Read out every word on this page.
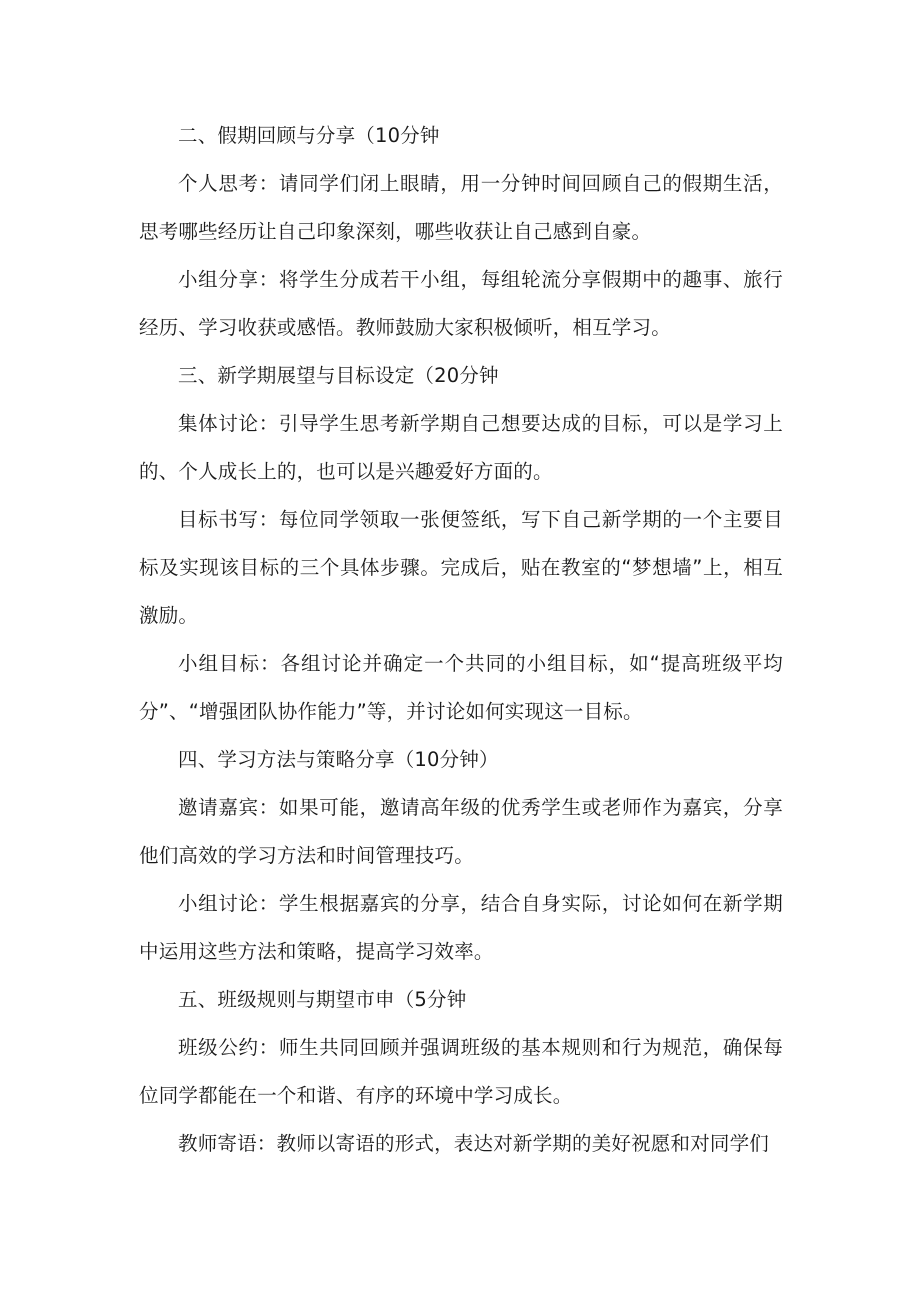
二、假期回顾与分享（10分钟

个人思考：请同学们闭上眼睛，用一分钟时间回顾自己的假期生活，思考哪些经历让自己印象深刻，哪些收获让自己感到自豪。

小组分享：将学生分成若干小组，每组轮流分享假期中的趣事、旅行经历、学习收获或感悟。教师鼓励大家积极倾听，相互学习。

三、新学期展望与目标设定（20分钟

集体讨论：引导学生思考新学期自己想要达成的目标，可以是学习上的、个人成长上的，也可以是兴趣爱好方面的。

目标书写：每位同学领取一张便签纸，写下自己新学期的一个主要目标及实现该目标的三个具体步骤。完成后，贴在教室的“梦想墙”上，相互激励。

小组目标：各组讨论并确定一个共同的小组目标，如“提高班级平均分”、“增强团队协作能力”等，并讨论如何实现这一目标。

四、学习方法与策略分享（10分钟）

邀请嘉宾：如果可能，邀请高年级的优秀学生或老师作为嘉宾，分享他们高效的学习方法和时间管理技巧。

小组讨论：学生根据嘉宾的分享，结合自身实际，讨论如何在新学期中运用这些方法和策略，提高学习效率。

五、班级规则与期望市申（5分钟

班级公约：师生共同回顾并强调班级的基本规则和行为规范，确保每位同学都能在一个和谐、有序的环境中学习成长。

教师寄语：教师以寄语的形式，表达对新学期的美好祝愿和对同学们
